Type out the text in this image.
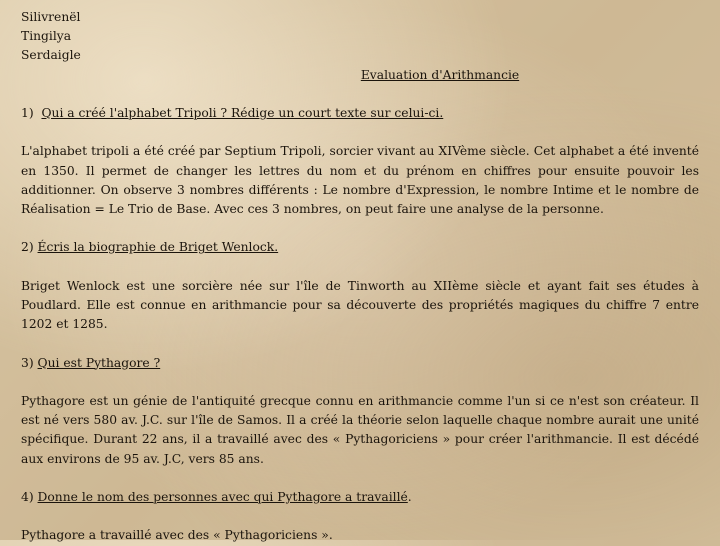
Silivrenël

Tingilya

Serdaigle

Evaluation d'Arithmancie

1) Qui a créé l'alphabet Tripoli ? Rédige un court texte sur celui-ci.

L'alphabet tripoli a été créé par Septium Tripoli, sorcier vivant au XIVème siècle. Cet alphabet a été inventé en 1350. Il permet de changer les lettres du nom et du prénom en chiffres pour ensuite pouvoir les additionner. On observe 3 nombres différents : Le nombre d'Expression, le nombre Intime et le nombre de Réalisation = Le Trio de Base. Avec ces 3 nombres, on peut faire une analyse de la personne.

2) Écris la biographie de Briget Wenlock.

Briget Wenlock est une sorcière née sur l'île de Tinworth au XIIème siècle et ayant fait ses études à Poudlard. Elle est connue en arithmancie pour sa découverte des propriétés magiques du chiffre 7 entre 1202 et 1285.

3) Qui est Pythagore ?

Pythagore est un génie de l'antiquité grecque connu en arithmancie comme l'un si ce n'est son créateur. Il est né vers 580 av. J.C. sur l'île de Samos. Il a créé la théorie selon laquelle chaque nombre aurait une unité spécifique. Durant 22 ans, il a travaillé avec des « Pythagoriciens » pour créer l'arithmancie. Il est décédé aux environs de 95 av. J.C, vers 85 ans.

4) Donne le nom des personnes avec qui Pythagore a travaillé.

Pythagore a travaillé avec des « Pythagoriciens ».
